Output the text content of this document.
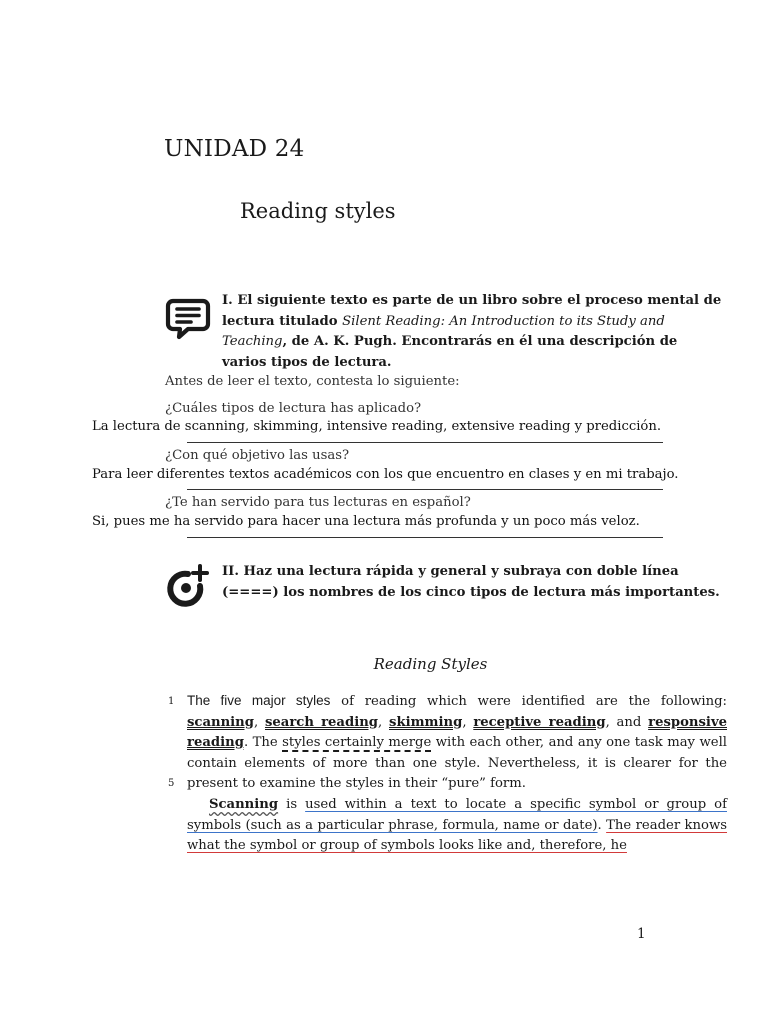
UNIDAD 24
Reading styles
I. El siguiente texto es parte de un libro sobre el proceso mental de lectura titulado Silent Reading: An Introduction to its Study and Teaching, de A. K. Pugh. Encontrarás en él una descripción de varios tipos de lectura.
Antes de leer el texto, contesta lo siguiente:
¿Cuáles tipos de lectura has aplicado?
La lectura de scanning, skimming, intensive reading, extensive reading y predicción.
¿Con qué objetivo las usas?
Para leer diferentes textos académicos con los que encuentro en clases y en mi trabajo.
¿Te han servido para tus lecturas en español?
Si, pues me ha servido para hacer una lectura más profunda y un poco más veloz.
II. Haz una lectura rápida y general y subraya con doble línea (====) los nombres de los cinco tipos de lectura más importantes.
Reading Styles
1
5
The five major styles of reading which were identified are the following: scanning, search reading, skimming, receptive reading, and responsive reading. The styles certainly merge with each other, and any one task may well contain elements of more than one style. Nevertheless, it is clearer for the present to examine the styles in their “pure” form.
Scanning is used within a text to locate a specific symbol or group of symbols (such as a particular phrase, formula, name or date). The reader knows what the symbol or group of symbols looks like and, therefore, he
1
